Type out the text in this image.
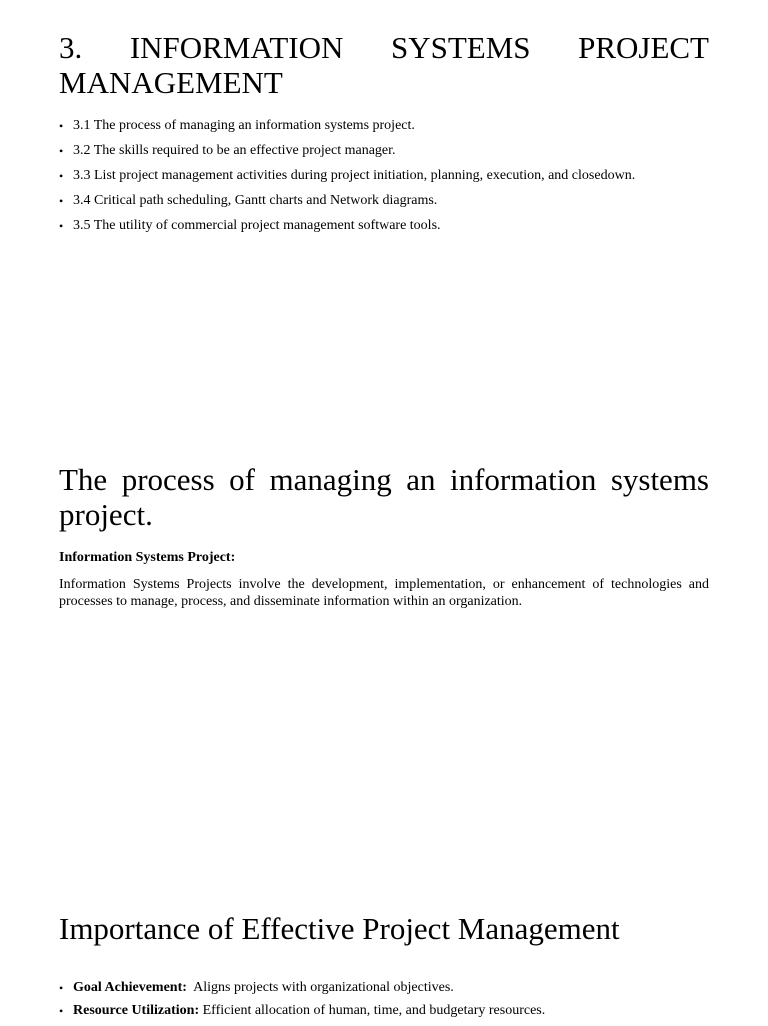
3. INFORMATION SYSTEMS PROJECT MANAGEMENT
• 3.1 The process of managing an information systems project.
• 3.2 The skills required to be an effective project manager.
• 3.3 List project management activities during project initiation, planning, execution, and closedown.
• 3.4 Critical path scheduling, Gantt charts and Network diagrams.
• 3.5 The utility of commercial project management software tools.
The process of managing an information systems project.
Information Systems Project:
Information Systems Projects involve the development, implementation, or enhancement of technologies and processes to manage, process, and disseminate information within an organization.
Importance of Effective Project Management
• Goal Achievement: Aligns projects with organizational objectives.
• Resource Utilization: Efficient allocation of human, time, and budgetary resources.
